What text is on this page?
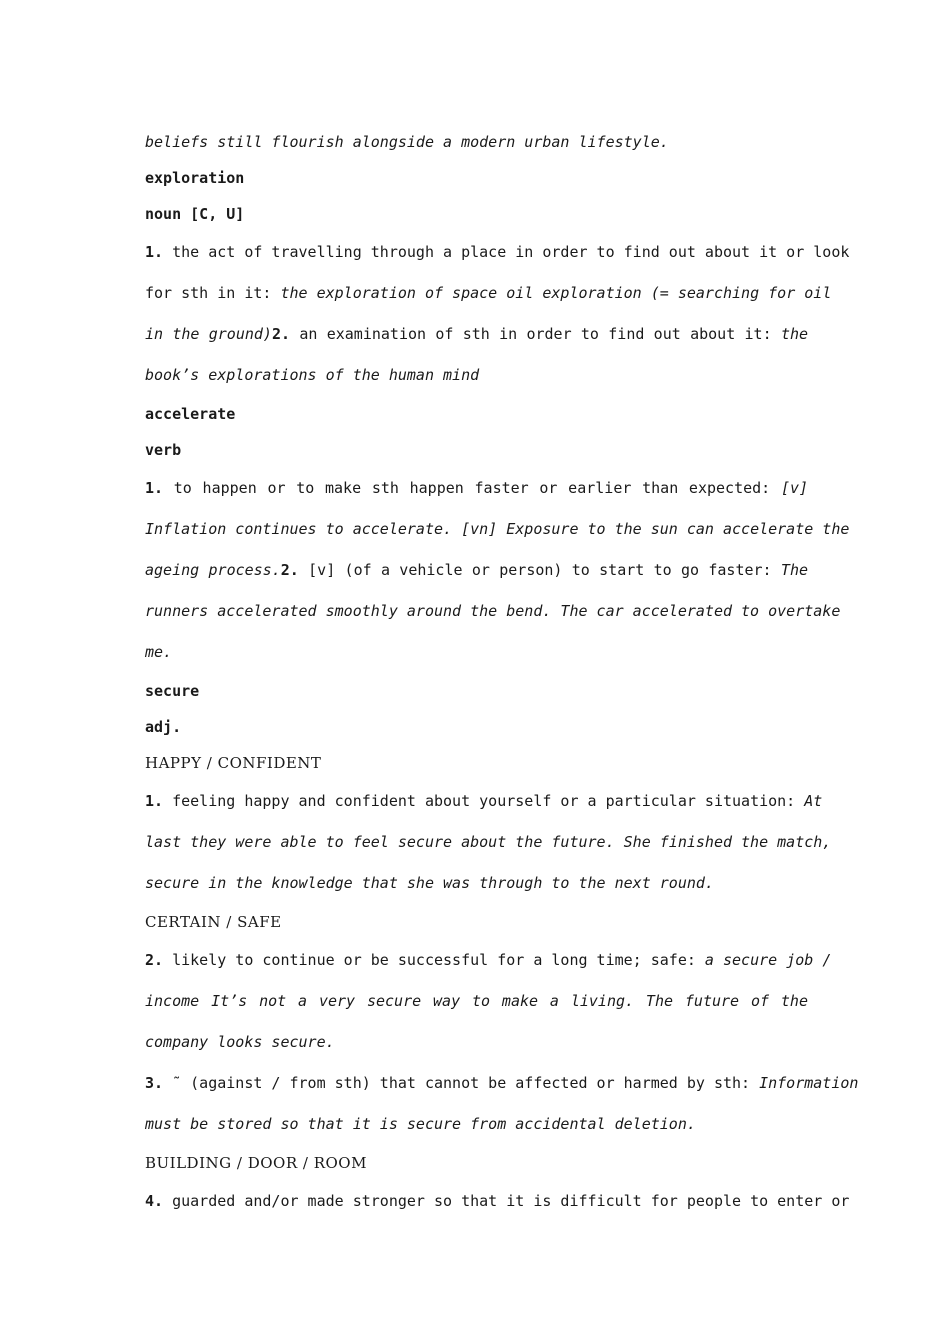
beliefs still flourish alongside a modern urban lifestyle.
exploration
noun [C, U]
1. the act of travelling through a place in order to find out about it or look
for sth in it: the exploration of space oil exploration (= searching for oil
in the ground)2. an examination of sth in order to find out about it: the
book’s explorations of the human mind
accelerate
verb
1. to happen or to make sth happen faster or earlier than expected: [v]
Inflation continues to accelerate. [vn] Exposure to the sun can accelerate the
ageing process.2. [v] (of a vehicle or person) to start to go faster: The
runners accelerated smoothly around the bend. The car accelerated to overtake
me.
secure
adj.
HAPPY / CONFIDENT
1. feeling happy and confident about yourself or a particular situation: At
last they were able to feel secure about the future. She finished the match,
secure in the knowledge that she was through to the next round.
CERTAIN / SAFE
2. likely to continue or be successful for a long time; safe: a secure job /
income It’s not a very secure way to make a living. The future of the
company looks secure.
3. ˜ (against / from sth) that cannot be affected or harmed by sth: Information
must be stored so that it is secure from accidental deletion.
BUILDING / DOOR / ROOM
4. guarded and/or made stronger so that it is difficult for people to enter or
